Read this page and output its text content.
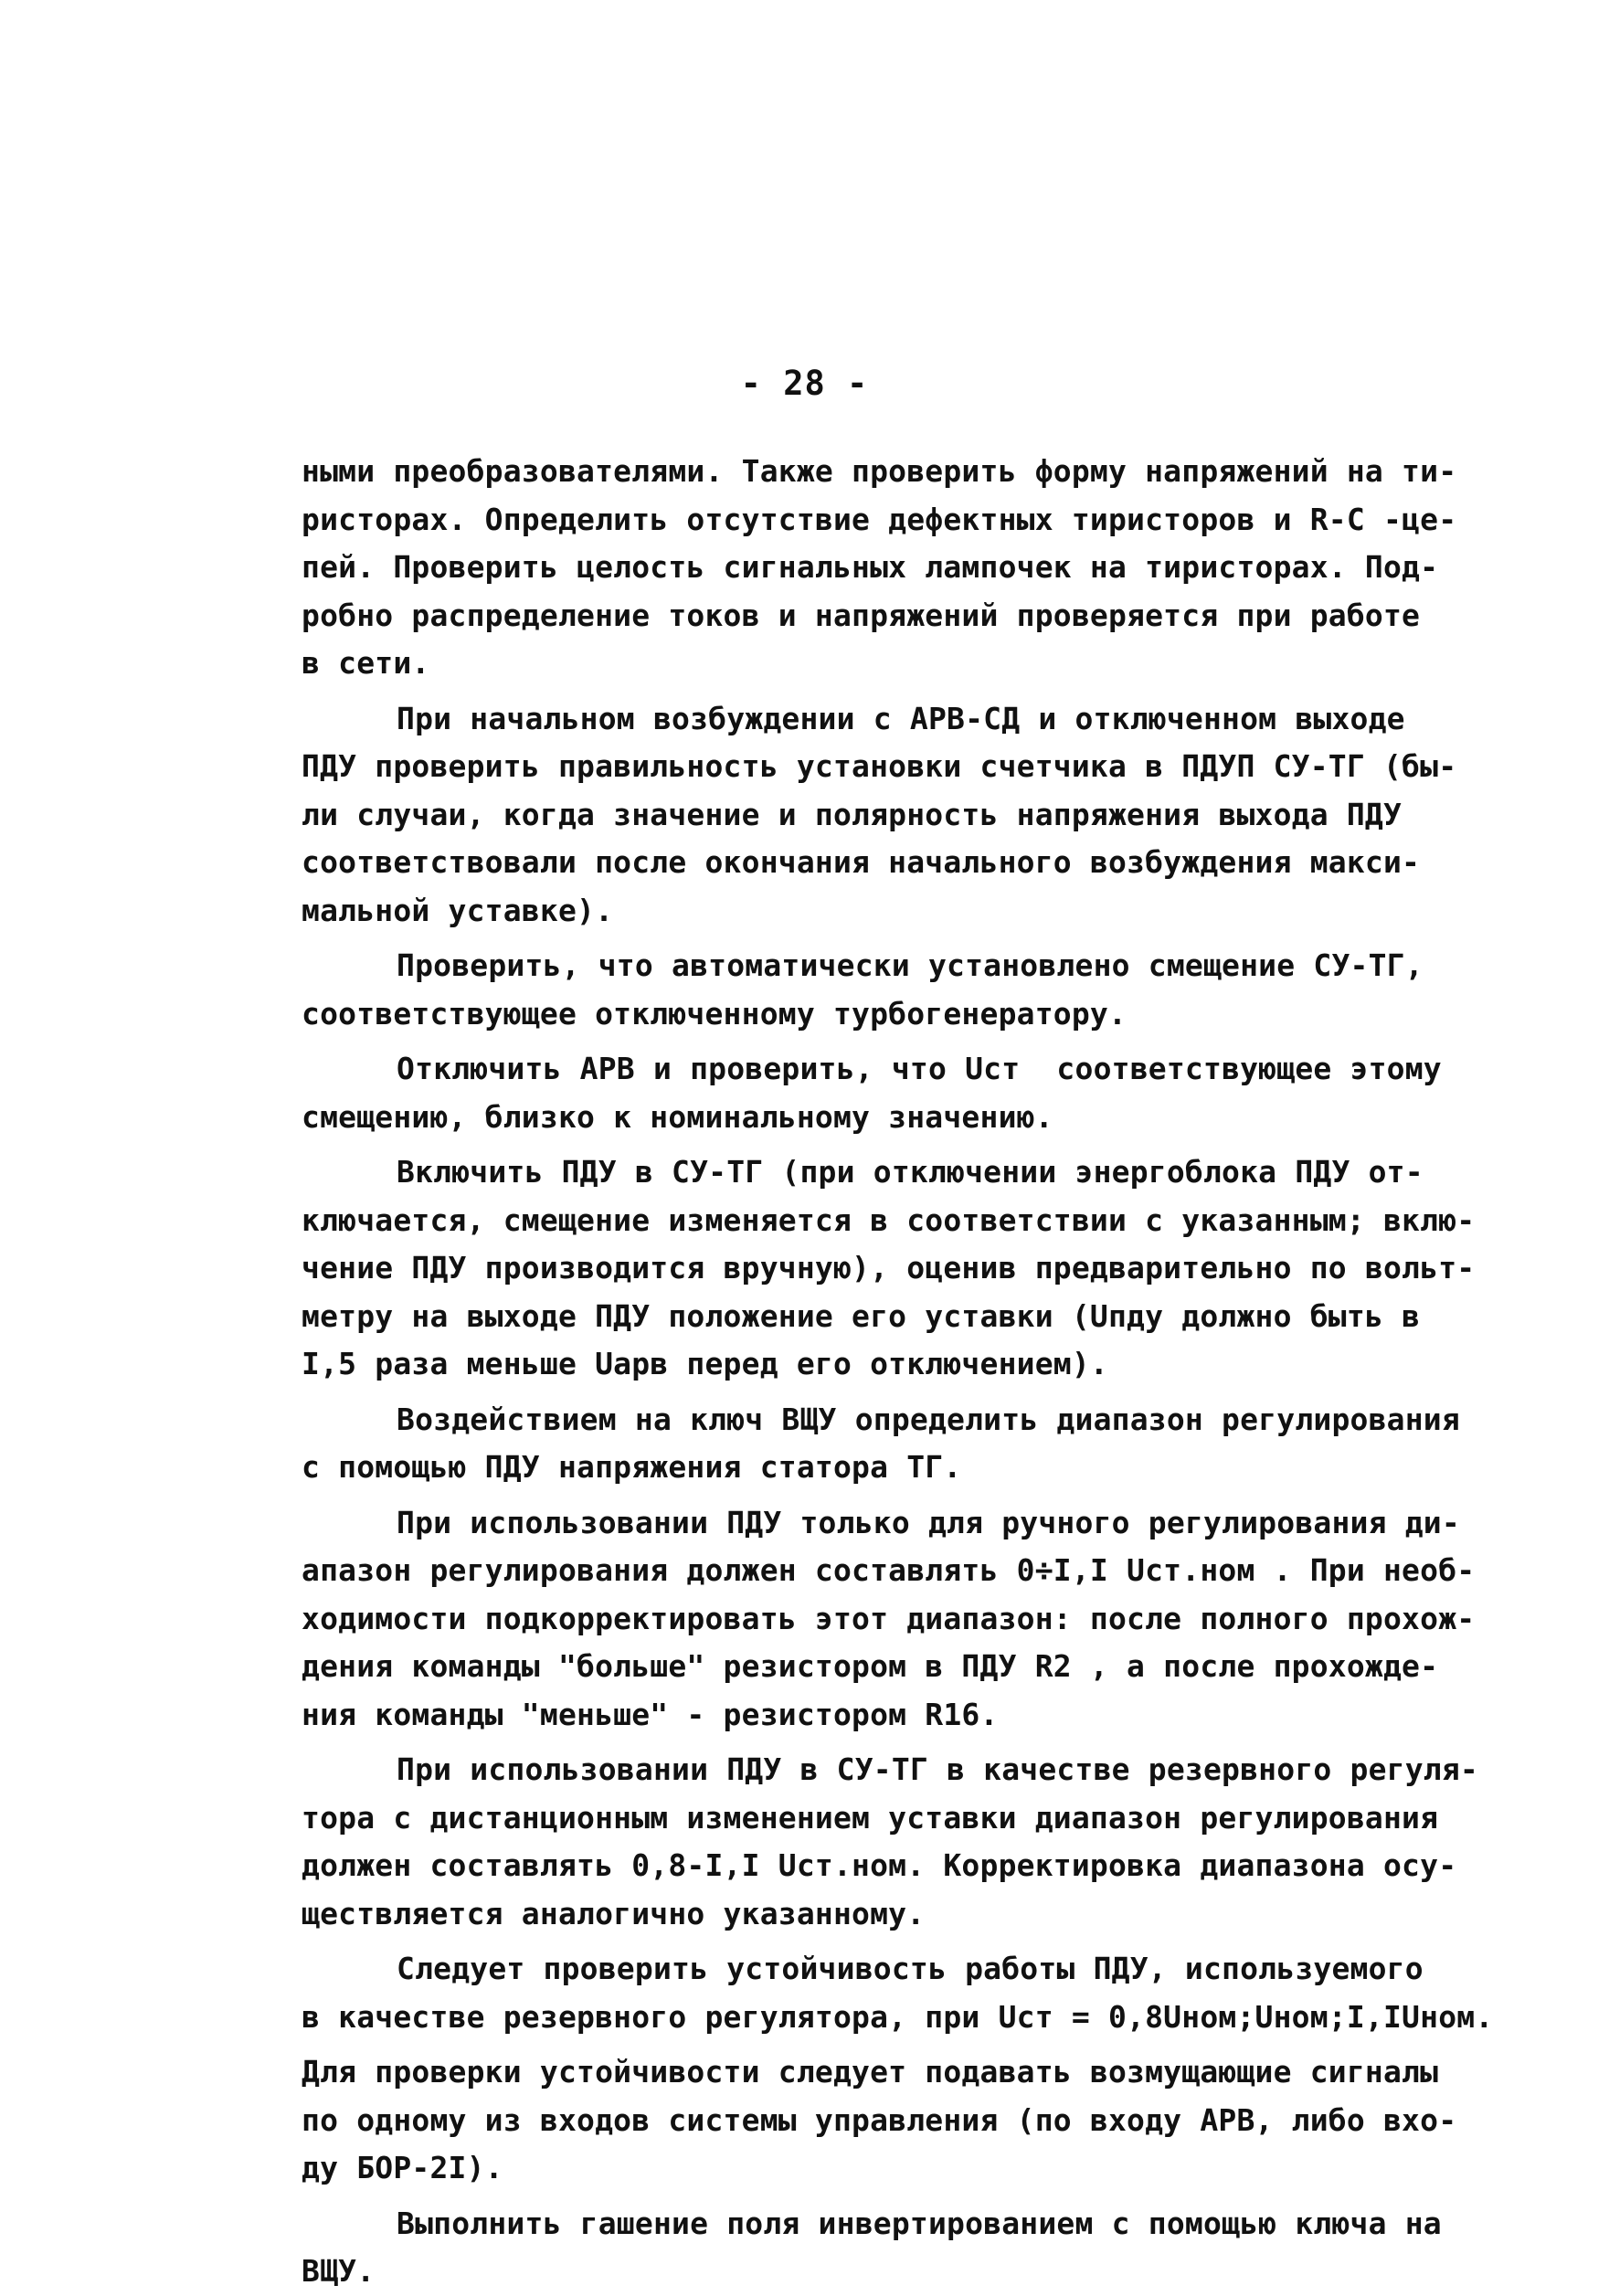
- 28 -
ными преобразователями. Также проверить форму напряжений на ти-
ристорах. Определить отсутствие дефектных тиристоров и R-C -це-
пей. Проверить целость сигнальных лампочек на тиристорах. Под-
робно распределение токов и напряжений проверяется при работе
в сети.
При начальном возбуждении с АРВ-СД и отключенном выходе
ПДУ проверить правильность установки счетчика в ПДУП СУ-ТГ (бы-
ли случаи, когда значение и полярность напряжения выхода ПДУ
соответствовали после окончания начального возбуждения макси-
мальной уставке).
Проверить, что автоматически установлено смещение СУ-ТГ,
соответствующее отключенному турбогенератору.
Отключить АРВ и проверить, что Uст  соответствующее этому
смещению, близко к номинальному значению.
Включить ПДУ в СУ-ТГ (при отключении энергоблока ПДУ от-
ключается, смещение изменяется в соответствии с указанным; вклю-
чение ПДУ производится вручную), оценив предварительно по вольт-
метру на выходе ПДУ положение его уставки (Uпду должно быть в
I,5 раза меньше Uарв перед его отключением).
Воздействием на ключ ВЩУ определить диапазон регулирования
с помощью ПДУ напряжения статора ТГ.
При использовании ПДУ только для ручного регулирования ди-
апазон регулирования должен составлять 0÷I,I Uст.ном . При необ-
ходимости подкорректировать этот диапазон: после полного прохож-
дения команды "больше" резистором в ПДУ R2 , а после прохожде-
ния команды "меньше" - резистором R16.
При использовании ПДУ в СУ-ТГ в качестве резервного регуля-
тора с дистанционным изменением уставки диапазон регулирования
должен составлять 0,8-I,I Uст.ном. Корректировка диапазона осу-
ществляется аналогично указанному.
Следует проверить устойчивость работы ПДУ, используемого
в качестве резервного регулятора, при Uст = 0,8Uном;Uном;I,IUном.
Для проверки устойчивости следует подавать возмущающие сигналы
по одному из входов системы управления (по входу АРВ, либо вхо-
ду БОР-2I).
Выполнить гашение поля инвертированием с помощью ключа на
ВЩУ.
